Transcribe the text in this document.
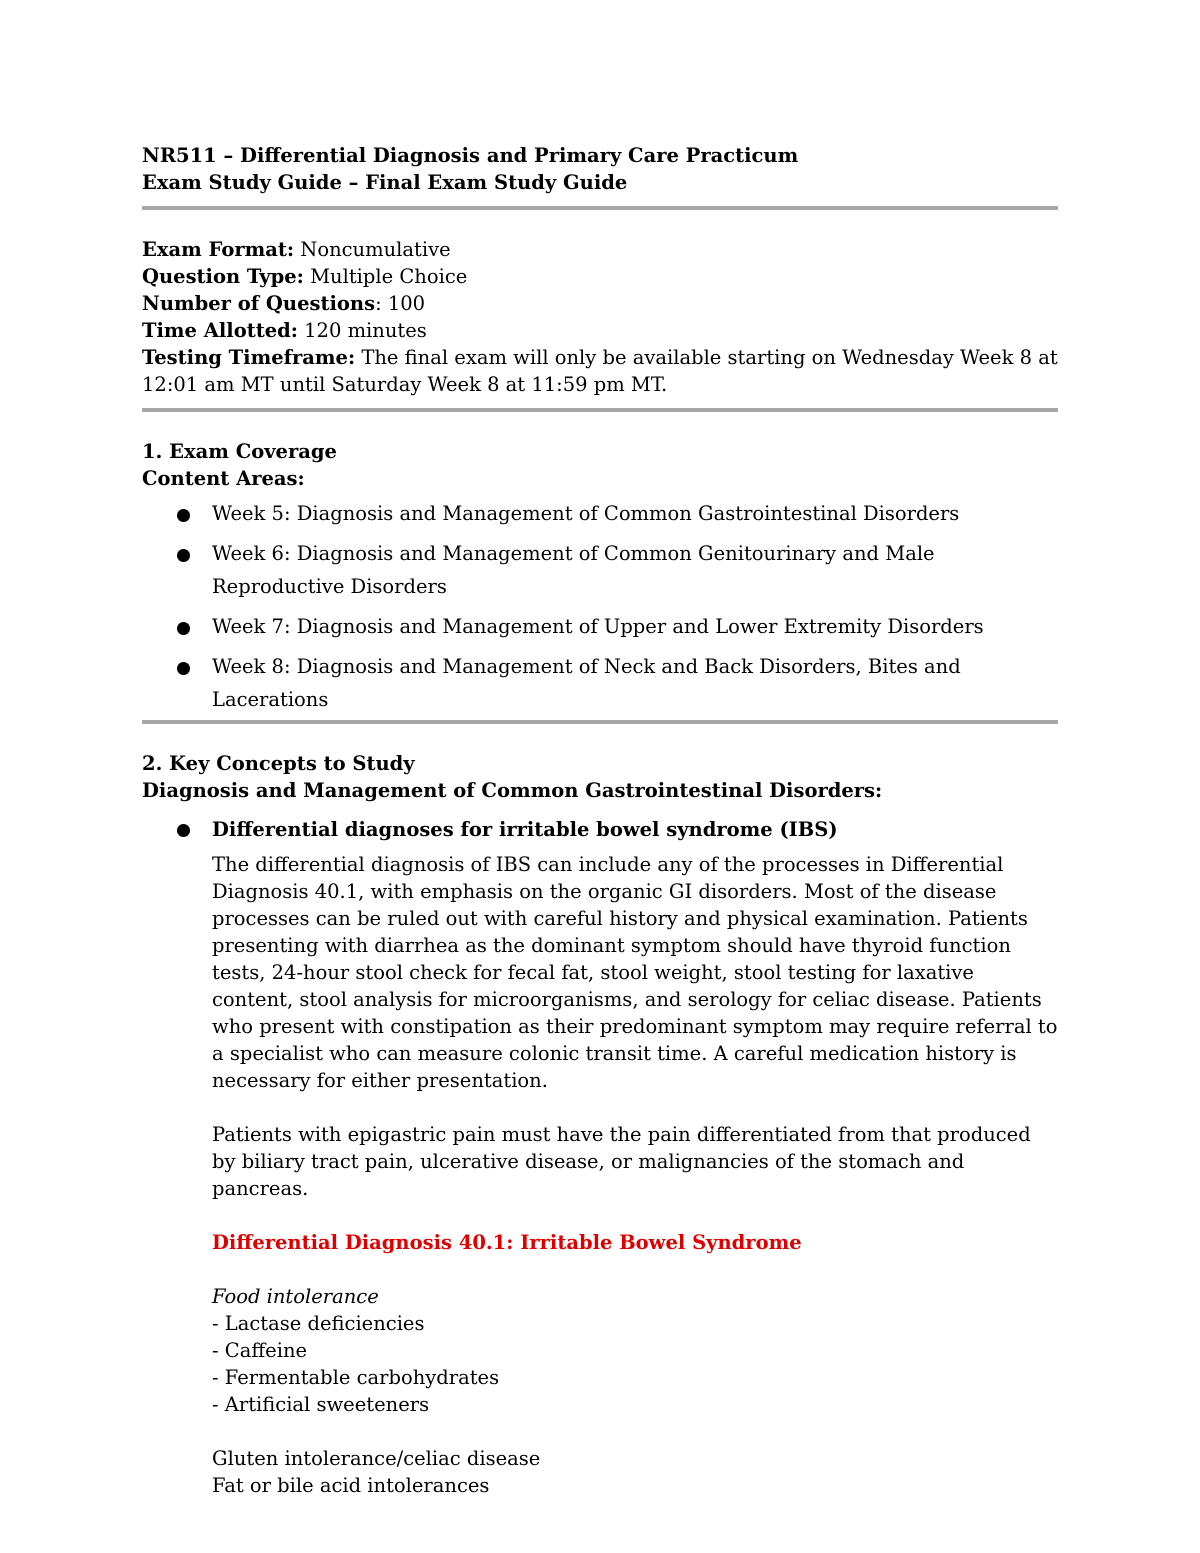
NR511 – Differential Diagnosis and Primary Care Practicum
Exam Study Guide – Final Exam Study Guide
Exam Format: Noncumulative
Question Type: Multiple Choice
Number of Questions: 100
Time Allotted: 120 minutes
Testing Timeframe: The final exam will only be available starting on Wednesday Week 8 at 12:01 am MT until Saturday Week 8 at 11:59 pm MT.
1. Exam Coverage
Content Areas:
Week 5: Diagnosis and Management of Common Gastrointestinal Disorders
Week 6: Diagnosis and Management of Common Genitourinary and Male Reproductive Disorders
Week 7: Diagnosis and Management of Upper and Lower Extremity Disorders
Week 8: Diagnosis and Management of Neck and Back Disorders, Bites and Lacerations
2. Key Concepts to Study
Diagnosis and Management of Common Gastrointestinal Disorders:
Differential diagnoses for irritable bowel syndrome (IBS)
The differential diagnosis of IBS can include any of the processes in Differential Diagnosis 40.1, with emphasis on the organic GI disorders. Most of the disease processes can be ruled out with careful history and physical examination. Patients presenting with diarrhea as the dominant symptom should have thyroid function tests, 24-hour stool check for fecal fat, stool weight, stool testing for laxative content, stool analysis for microorganisms, and serology for celiac disease. Patients who present with constipation as their predominant symptom may require referral to a specialist who can measure colonic transit time. A careful medication history is necessary for either presentation.
Patients with epigastric pain must have the pain differentiated from that produced by biliary tract pain, ulcerative disease, or malignancies of the stomach and pancreas.
Differential Diagnosis 40.1: Irritable Bowel Syndrome
Food intolerance
- Lactase deficiencies
- Caffeine
- Fermentable carbohydrates
- Artificial sweeteners
Gluten intolerance/celiac disease
Fat or bile acid intolerances
